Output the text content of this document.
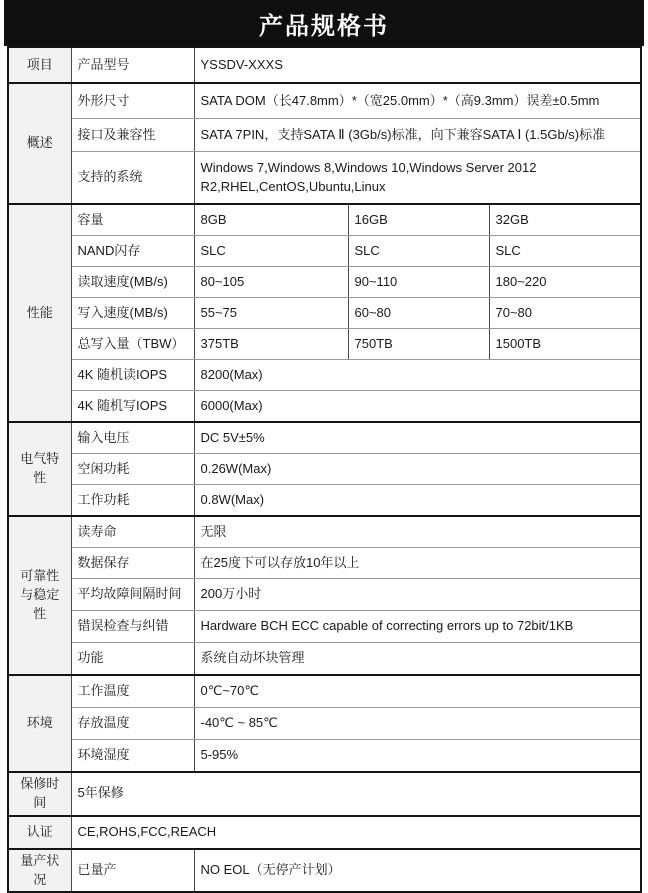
产品规格书
项目	产品型号	YSSDV-XXXS		
概述	外形尺寸	SATA DOM（长47.8mm）*（宽25.0mm）*（高9.3mm）误差±0.5mm		
	接口及兼容性	SATA 7PIN，支持SATA Ⅱ (3Gb/s)标准，向下兼容SATA Ⅰ (1.5Gb/s)标准		
	支持的系统	Windows 7,Windows 8,Windows 10,Windows Server 2012 R2,RHEL,CentOS,Ubuntu,Linux		
性能	容量	8GB	16GB	32GB
	NAND闪存	SLC	SLC	SLC
	读取速度(MB/s)	80~105	90~110	180~220
	写入速度(MB/s)	55~75	60~80	70~80
	总写入量（TBW）	375TB	750TB	1500TB
	4K 随机读IOPS	8200(Max)		
	4K 随机写IOPS	6000(Max)		
电气特性	输入电压	DC 5V±5%		
	空闲功耗	0.26W(Max)		
	工作功耗	0.8W(Max)		
可靠性与稳定性	读寿命	无限		
	数据保存	在25度下可以存放10年以上		
	平均故障间隔时间	200万小时		
	错误检查与纠错	Hardware BCH ECC capable of correcting errors up to 72bit/1KB		
	功能	系统自动坏块管理		
环境	工作温度	0℃~70℃		
	存放温度	-40℃ ~ 85℃		
	环境湿度	5-95%		
保修时间	5年保修			
认证	CE,ROHS,FCC,REACH			
量产状况	已量产	NO EOL（无停产计划）		
